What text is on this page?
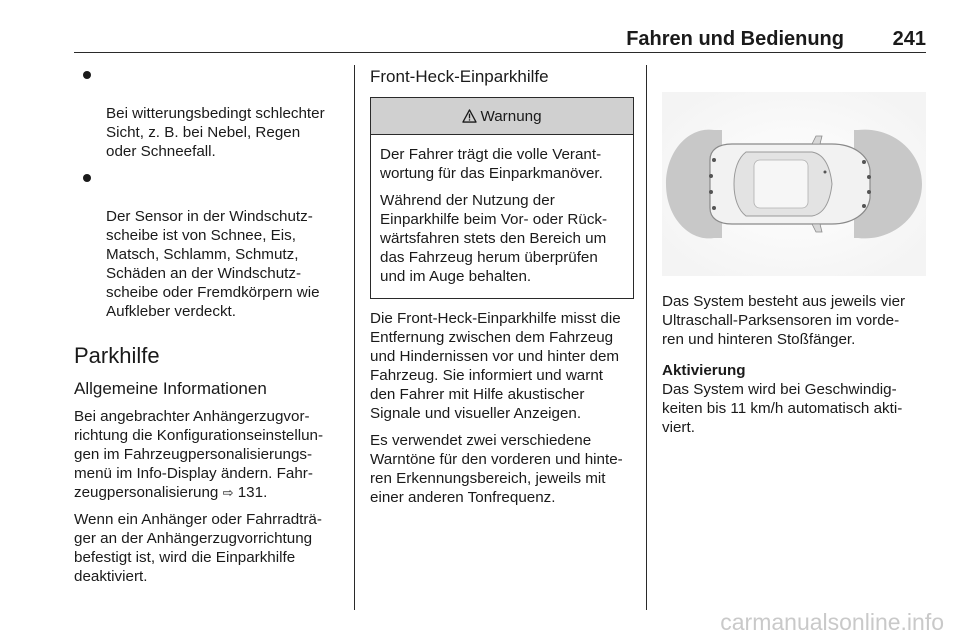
Fahren und Bedienung 241

Bei witterungsbedingt schlechter
Sicht, z. B. bei Nebel, Regen
oder Schneefall.

Der Sensor in der Windschutz-
scheibe ist von Schnee, Eis,
Matsch, Schlamm, Schmutz,
Schäden an der Windschutz-
scheibe oder Fremdkörpern wie
Aufkleber verdeckt.

Parkhilfe
Allgemeine Informationen

Bei angebrachter Anhängerzugvor-
richtung die Konfigurationseinstellun-
gen im Fahrzeugpersonalisierungs-
menü im Info-Display ändern. Fahr-
zeugpersonalisierung ⇨ 131.

Wenn ein Anhänger oder Fahrradträ-
ger an der Anhängerzugvorrichtung
befestigt ist, wird die Einparkhilfe
deaktiviert.

Front-Heck-Einparkhilfe
Warnung

Der Fahrer trägt die volle Verant-
wortung für das Einparkmanöver.

Während der Nutzung der
Einparkhilfe beim Vor- oder Rück-
wärtsfahren stets den Bereich um
das Fahrzeug herum überprüfen
und im Auge behalten.

Die Front-Heck-Einparkhilfe misst die
Entfernung zwischen dem Fahrzeug
und Hindernissen vor und hinter dem
Fahrzeug. Sie informiert und warnt
den Fahrer mit Hilfe akustischer
Signale und visueller Anzeigen.

Es verwendet zwei verschiedene
Warntöne für den vorderen und hinte-
ren Erkennungsbereich, jeweils mit
einer anderen Tonfrequenz.

Das System besteht aus jeweils vier
Ultraschall-Parksensoren im vorde-
ren und hinteren Stoßfänger.

Aktivierung

Das System wird bei Geschwindig-
keiten bis 11 km/h automatisch akti-
viert.

carmanualsonline.info
